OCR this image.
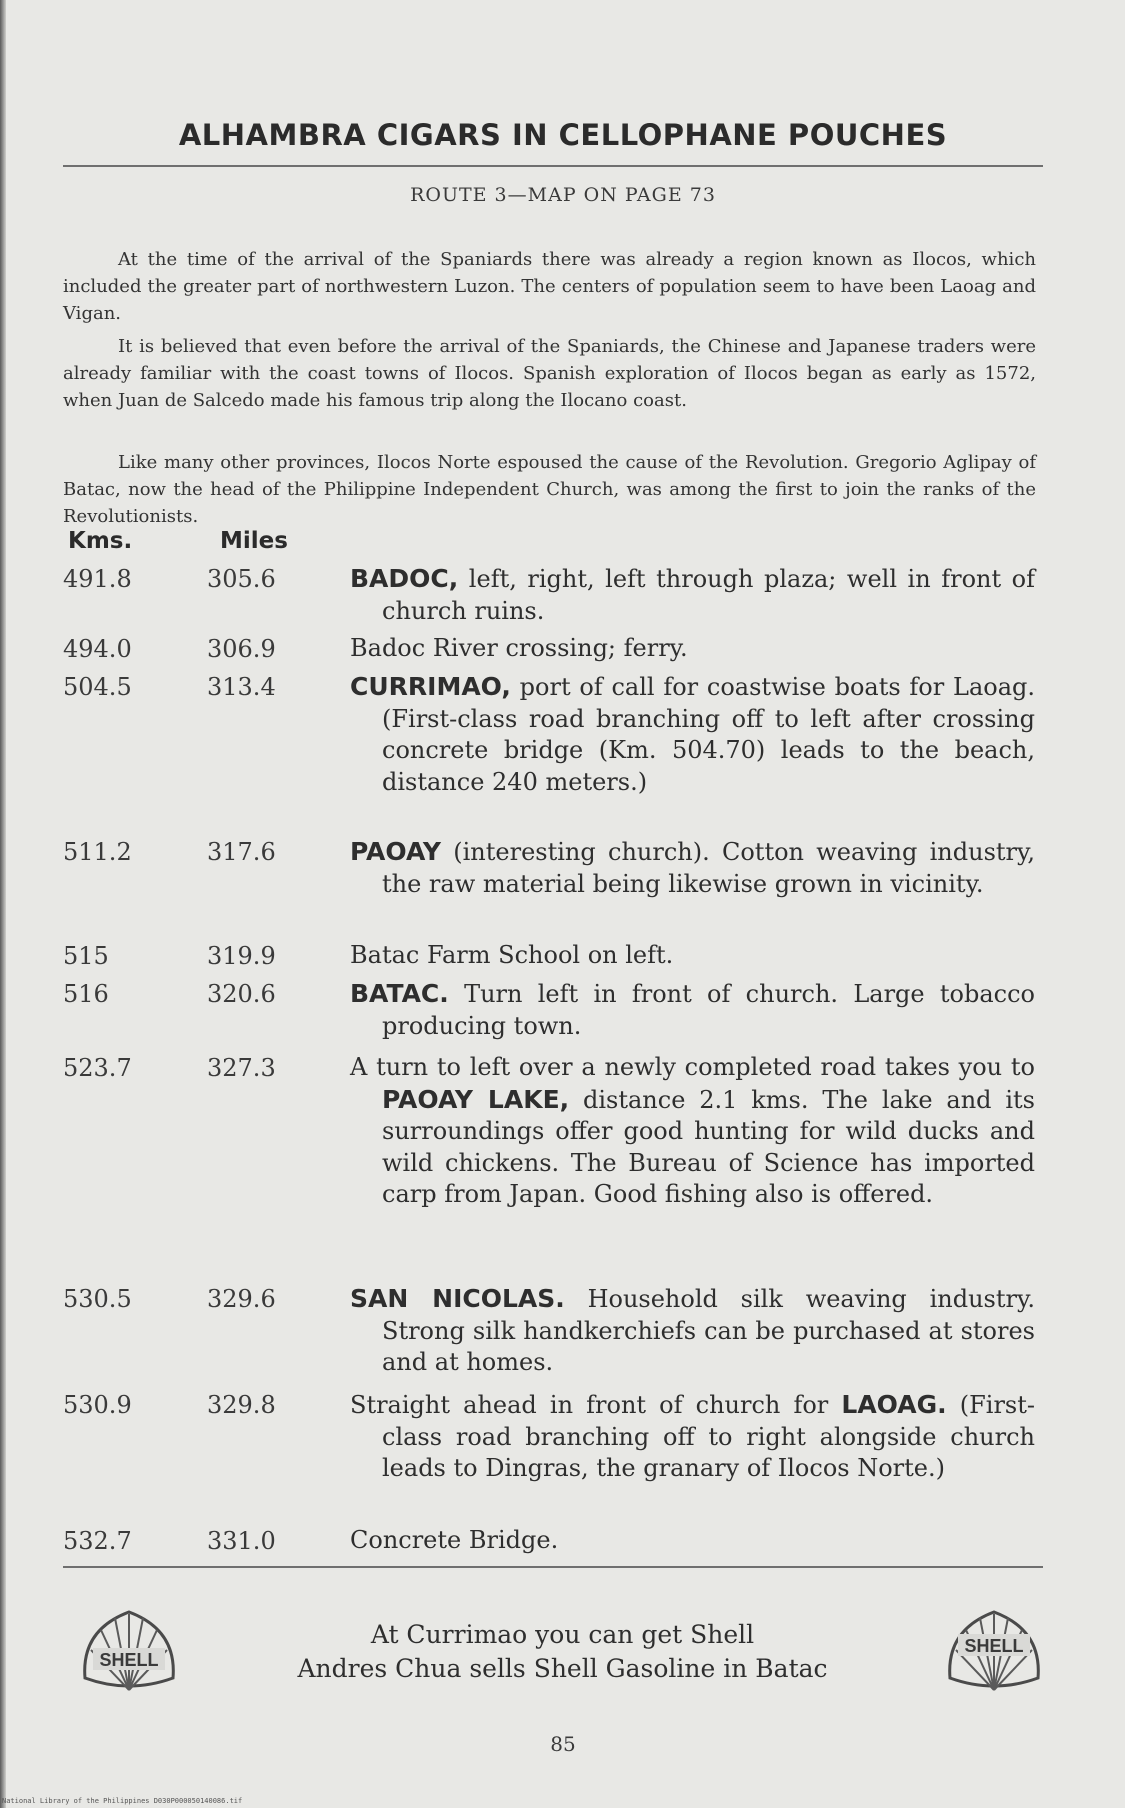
ALHAMBRA CIGARS IN CELLOPHANE POUCHES
ROUTE 3—MAP ON PAGE 73

At the time of the arrival of the Spaniards there was already a region known as Ilocos, which included the greater part of northwestern Luzon. The centers of population seem to have been Laoag and Vigan.

It is believed that even before the arrival of the Spaniards, the Chinese and Japanese traders were already familiar with the coast towns of Ilocos. Spanish exploration of Ilocos began as early as 1572, when Juan de Salcedo made his famous trip along the Ilocano coast.

Like many other provinces, Ilocos Norte espoused the cause of the Revolution. Gregorio Aglipay of Batac, now the head of the Philippine Independent Church, was among the first to join the ranks of the Revolutionists.

Kms.	Miles
491.8	305.6	BADOC, left, right, left through plaza; well in front of church ruins.
494.0	306.9	Badoc River crossing; ferry.
504.5	313.4	CURRIMAO, port of call for coastwise boats for Laoag. (First-class road branching off to left after crossing concrete bridge (Km. 504.70) leads to the beach, distance 240 meters.)
511.2	317.6	PAOAY (interesting church). Cotton weaving industry, the raw material being likewise grown in vicinity.
515	319.9	Batac Farm School on left.
516	320.6	BATAC. Turn left in front of church. Large tobacco producing town.
523.7	327.3	A turn to left over a newly completed road takes you to PAOAY LAKE, distance 2.1 kms. The lake and its surroundings offer good hunting for wild ducks and wild chickens. The Bureau of Science has imported carp from Japan. Good fishing also is offered.
530.5	329.6	SAN NICOLAS. Household silk weaving industry. Strong silk handkerchiefs can be purchased at stores and at homes.
530.9	329.8	Straight ahead in front of church for LAOAG. (First-class road branching off to right alongside church leads to Dingras, the granary of Ilocos Norte.)
532.7	331.0	Concrete Bridge.
SHELL
At Currimao you can get Shell
Andres Chua sells Shell Gasoline in Batac
SHELL
85
National Library of the Philippines D030P000050140086.tif
